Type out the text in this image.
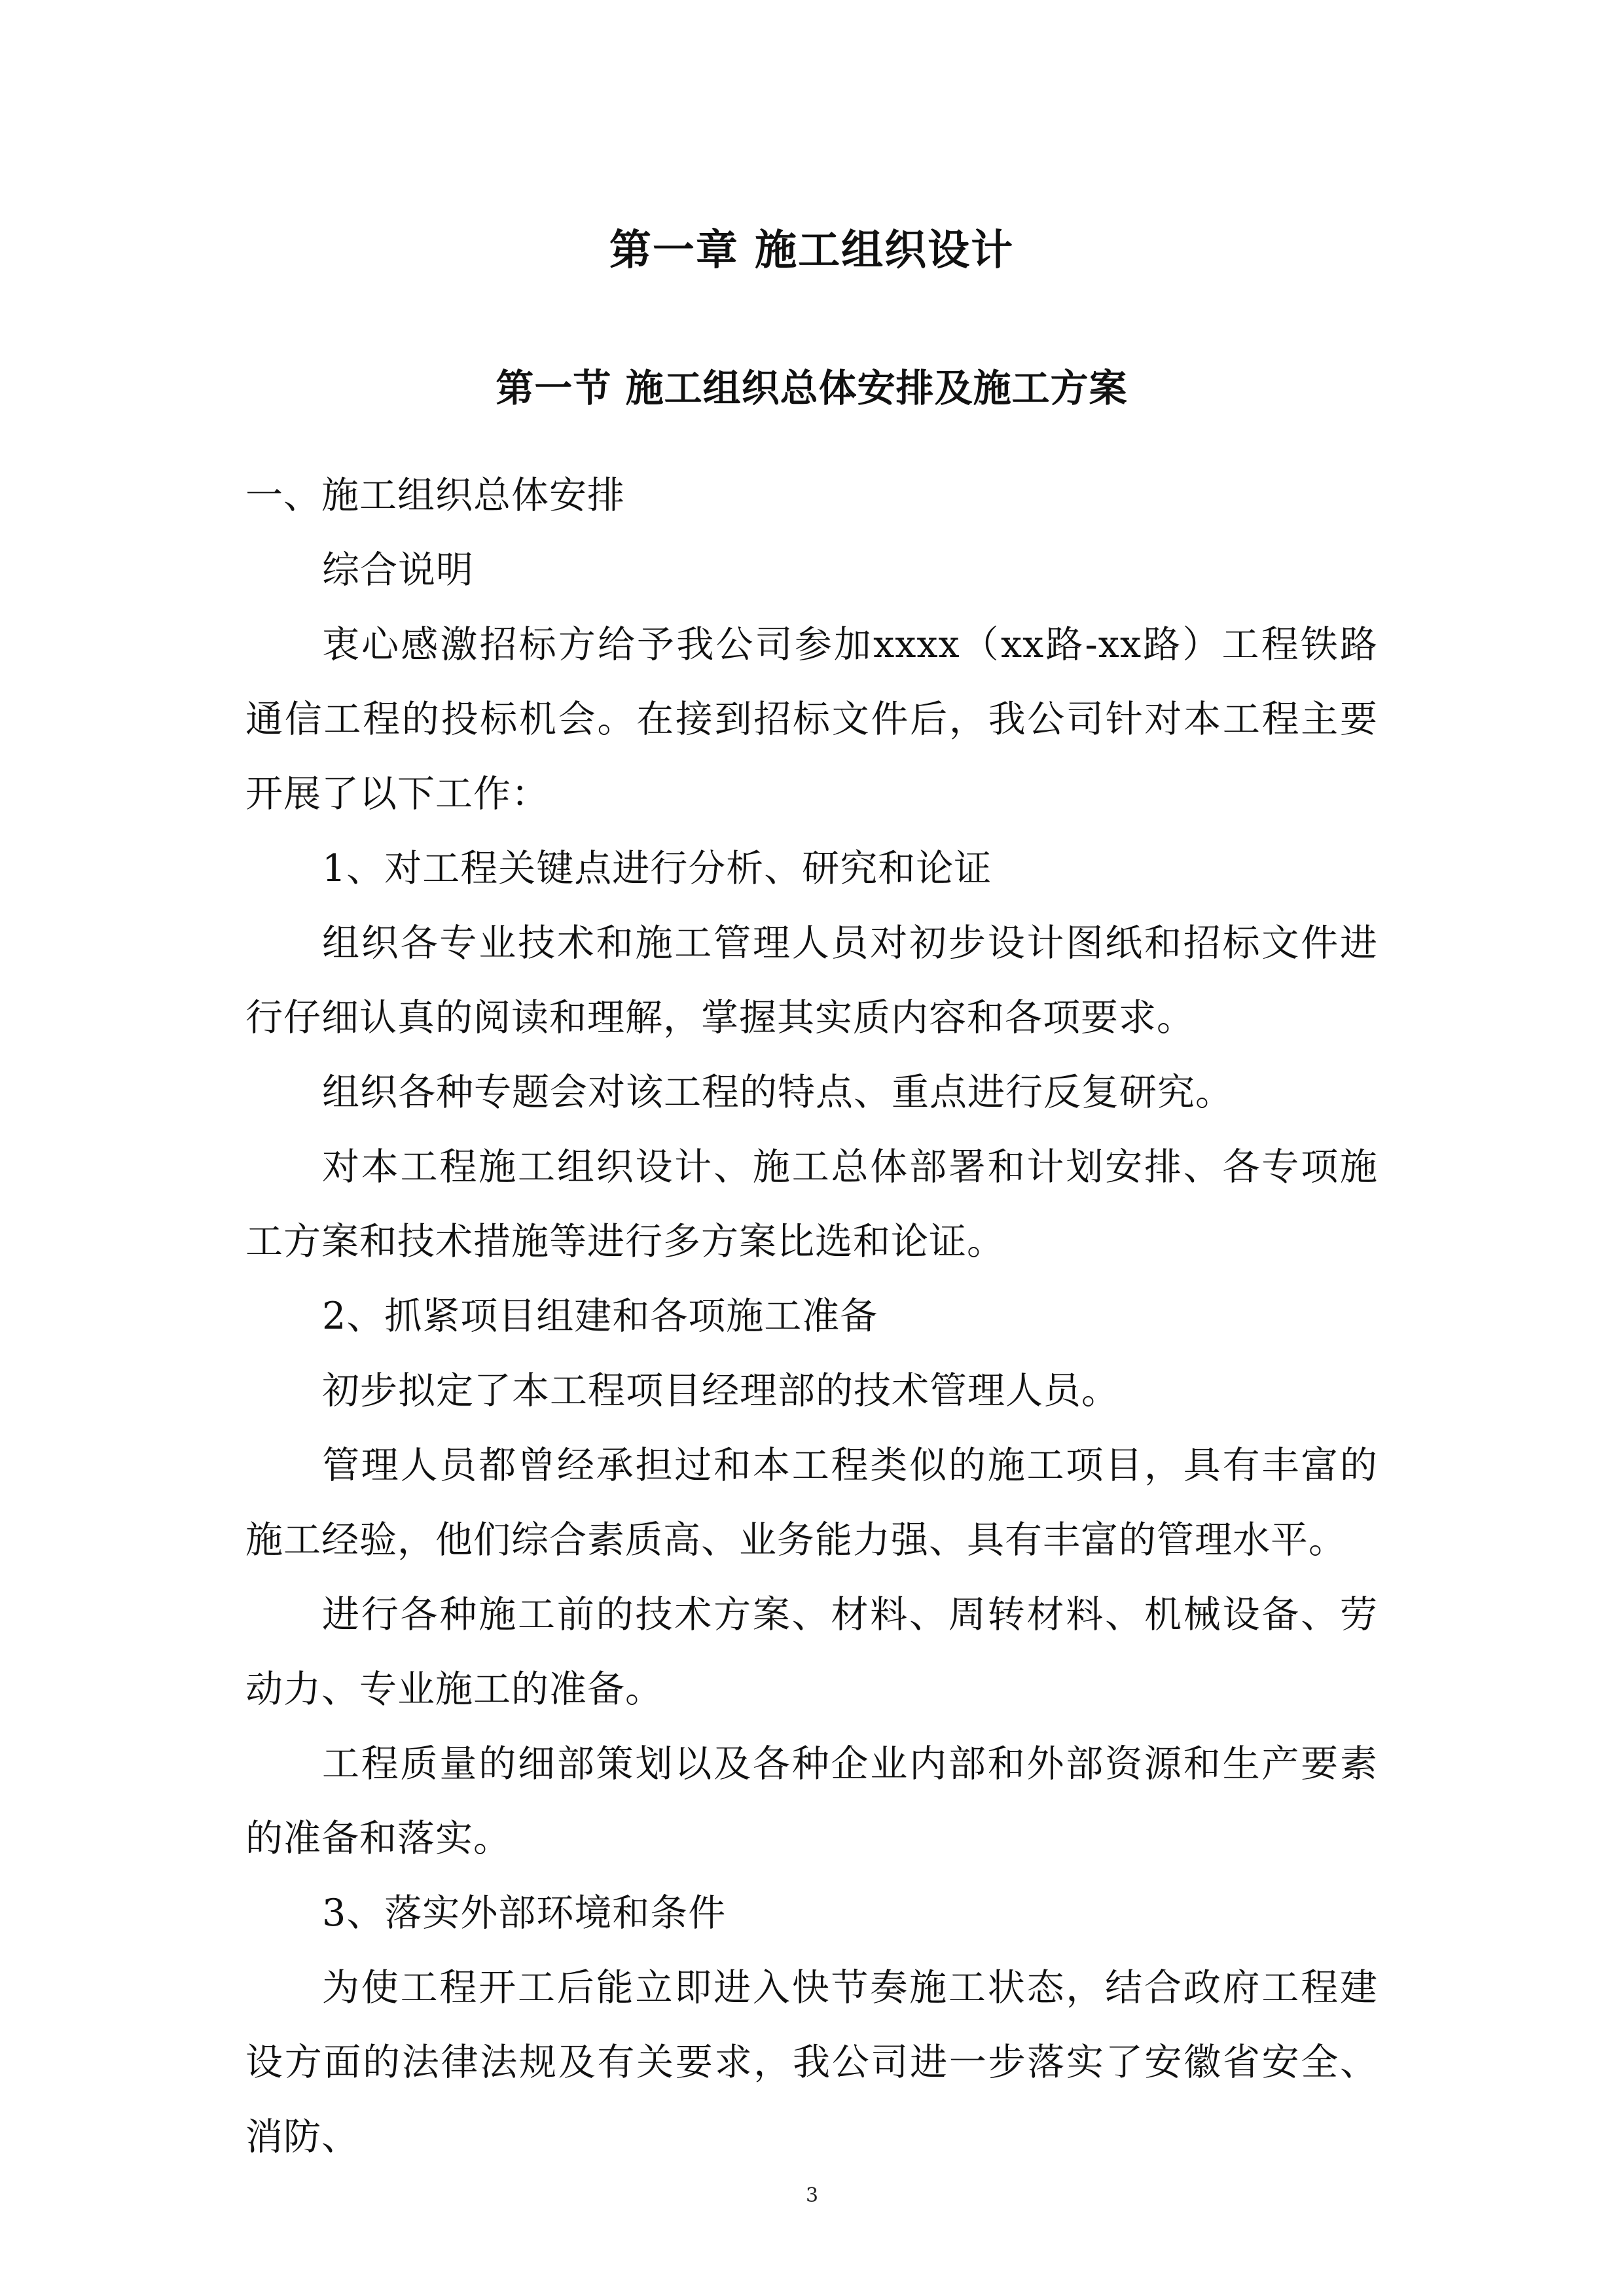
第一章 施工组织设计
第一节 施工组织总体安排及施工方案

一、施工组织总体安排

综合说明

衷心感激招标方给予我公司参加xxxx（xx路-xx路）工程铁路通信工程的投标机会。在接到招标文件后，我公司针对本工程主要开展了以下工作：

1、对工程关键点进行分析、研究和论证

组织各专业技术和施工管理人员对初步设计图纸和招标文件进行仔细认真的阅读和理解，掌握其实质内容和各项要求。

组织各种专题会对该工程的特点、重点进行反复研究。

对本工程施工组织设计、施工总体部署和计划安排、各专项施工方案和技术措施等进行多方案比选和论证。

2、抓紧项目组建和各项施工准备

初步拟定了本工程项目经理部的技术管理人员。

管理人员都曾经承担过和本工程类似的施工项目，具有丰富的施工经验，他们综合素质高、业务能力强、具有丰富的管理水平。

进行各种施工前的技术方案、材料、周转材料、机械设备、劳动力、专业施工的准备。

工程质量的细部策划以及各种企业内部和外部资源和生产要素的准备和落实。

3、落实外部环境和条件

为使工程开工后能立即进入快节奏施工状态，结合政府工程建设方面的法律法规及有关要求，我公司进一步落实了安徽省安全、消防、

3
